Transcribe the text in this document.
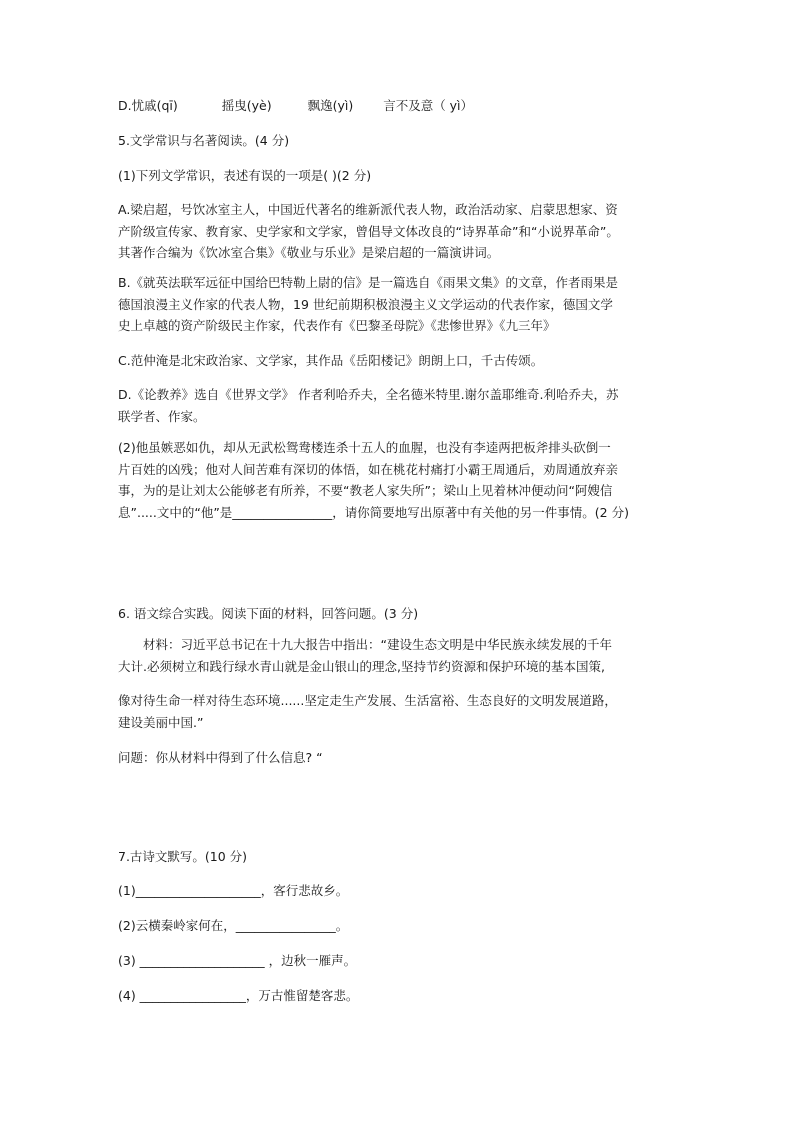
D.忧戚(qī)	摇曳(yè)	飘逸(yì) 言不及意（ yì）
5.文学常识与名著阅读。(4 分)
(1)下列文学常识，表述有误的一项是( )(2 分)
A.梁启超，号饮冰室主人，中国近代著名的维新派代表人物，政治活动家、启蒙思想家、资
产阶级宣传家、教育家、史学家和文学家，曾倡导文体改良的“诗界革命”和“小说界革命”。
其著作合编为《饮冰室合集》《敬业与乐业》是梁启超的一篇演讲词。
B.《就英法联军远征中国给巴特勒上尉的信》是一篇选自《雨果文集》的文章，作者雨果是
德国浪漫主义作家的代表人物，19 世纪前期积极浪漫主义文学运动的代表作家，德国文学
史上卓越的资产阶级民主作家，代表作有《巴黎圣母院》《悲惨世界》《九三年》
C.范仲淹是北宋政治家、文学家，其作品《岳阳楼记》朗朗上口，千古传颂。
D.《论教养》选自《世界文学》 作者利哈乔夫，全名德米特里.谢尔盖耶维奇.利哈乔夫，苏
联学者、作家。
(2)他虽嫉恶如仇，却从无武松鸳鸯楼连杀十五人的血腥，也没有李逵两把板斧排头砍倒一
片百姓的凶残；他对人间苦难有深切的体悟，如在桃花村痛打小霸王周通后，劝周通放弃亲
事，为的是让刘太公能够老有所养，不要“教老人家失所”；梁山上见着林冲便动问“阿嫂信
息”.....文中的“他”是________________，请你简要地写出原著中有关他的另一件事情。(2 分)
6. 语文综合实践。阅读下面的材料，回答问题。(3 分)
材料：习近平总书记在十九大报告中指出：“建设生态文明是中华民族永续发展的千年
大计.必须树立和践行绿水青山就是金山银山的理念,坚持节约资源和保护环境的基本国策,
像对待生命一样对待生态环境......坚定走生产发展、生活富裕、生态良好的文明发展道路，
建设美丽中国.”
问题：你从材料中得到了什么信息? “
7.古诗文默写。(10 分)
(1)____________________，客行悲故乡。
(2)云横秦岭家何在，________________。
(3) ____________________ ，边秋一雁声。
(4) _________________，万古惟留楚客悲。
